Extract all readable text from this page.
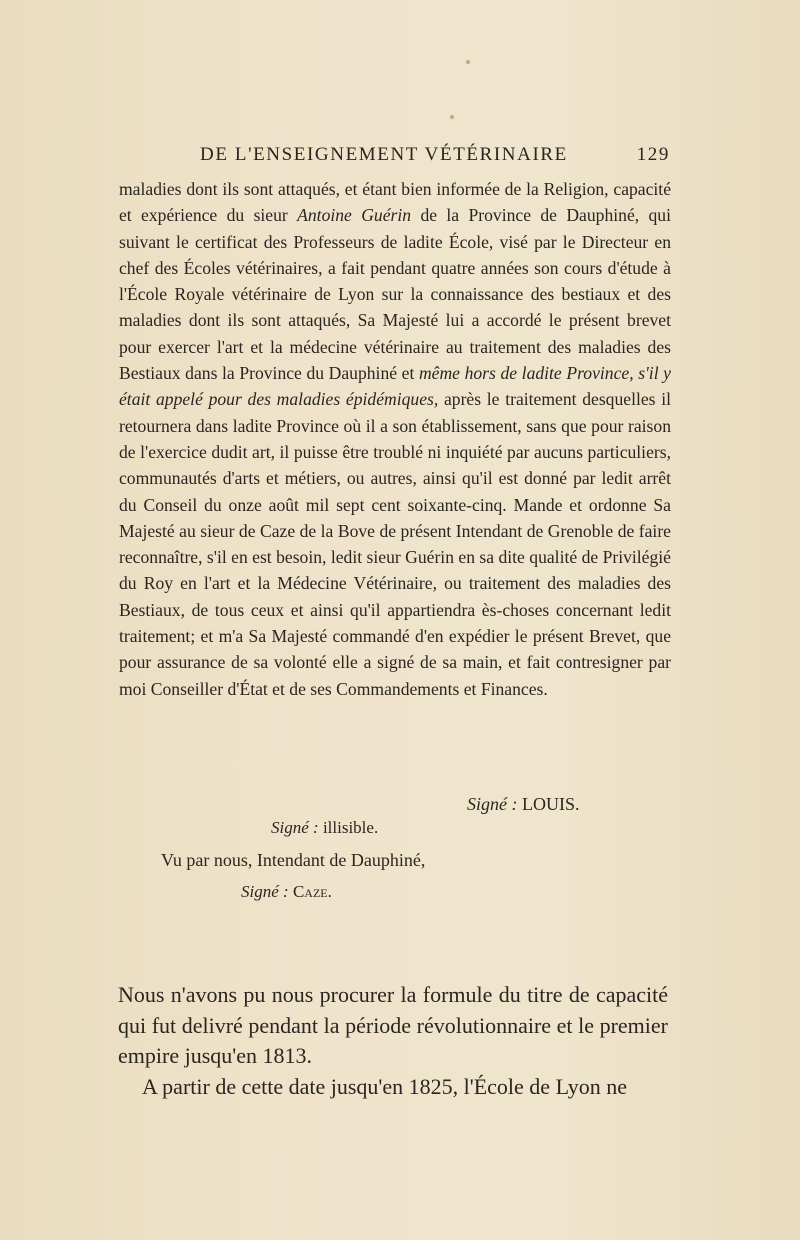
DE L'ENSEIGNEMENT VÉTÉRINAIRE	129

maladies dont ils sont attaqués, et étant bien informée de la Religion, capacité et expérience du sieur Antoine Guérin de la Province de Dauphiné, qui suivant le certificat des Professeurs de ladite École, visé par le Directeur en chef des Écoles vétérinaires, a fait pendant quatre années son cours d'étude à l'École Royale vétérinaire de Lyon sur la connaissance des bestiaux et des maladies dont ils sont attaqués, Sa Majesté lui a accordé le présent brevet pour exercer l'art et la médecine vétérinaire au traitement des maladies des Bestiaux dans la Province du Dauphiné et même hors de ladite Province, s'il y était appelé pour des maladies épidémiques, après le traitement desquelles il retournera dans ladite Province où il a son établissement, sans que pour raison de l'exercice dudit art, il puisse être troublé ni inquiété par aucuns particuliers, communautés d'arts et métiers, ou autres, ainsi qu'il est donné par ledit arrêt du Conseil du onze août mil sept cent soixante-cinq. Mande et ordonne Sa Majesté au sieur de Caze de la Bove de présent Intendant de Grenoble de faire reconnaître, s'il en est besoin, ledit sieur Guérin en sa dite qualité de Privilégié du Roy en l'art et la Médecine Vétérinaire, ou traitement des maladies des Bestiaux, de tous ceux et ainsi qu'il appartiendra ès-choses concernant ledit traitement; et m'a Sa Majesté commandé d'en expédier le présent Brevet, que pour assurance de sa volonté elle a signé de sa main, et fait contresigner par moi Conseiller d'État et de ses Commandements et Finances.

Signé : LOUIS.
Signé : illisible.
Vu par nous, Intendant de Dauphiné,
Signé : Caze.

Nous n'avons pu nous procurer la formule du titre de capacité qui fut delivré pendant la période révolutionnaire et le premier empire jusqu'en 1813.

A partir de cette date jusqu'en 1825, l'École de Lyon ne
